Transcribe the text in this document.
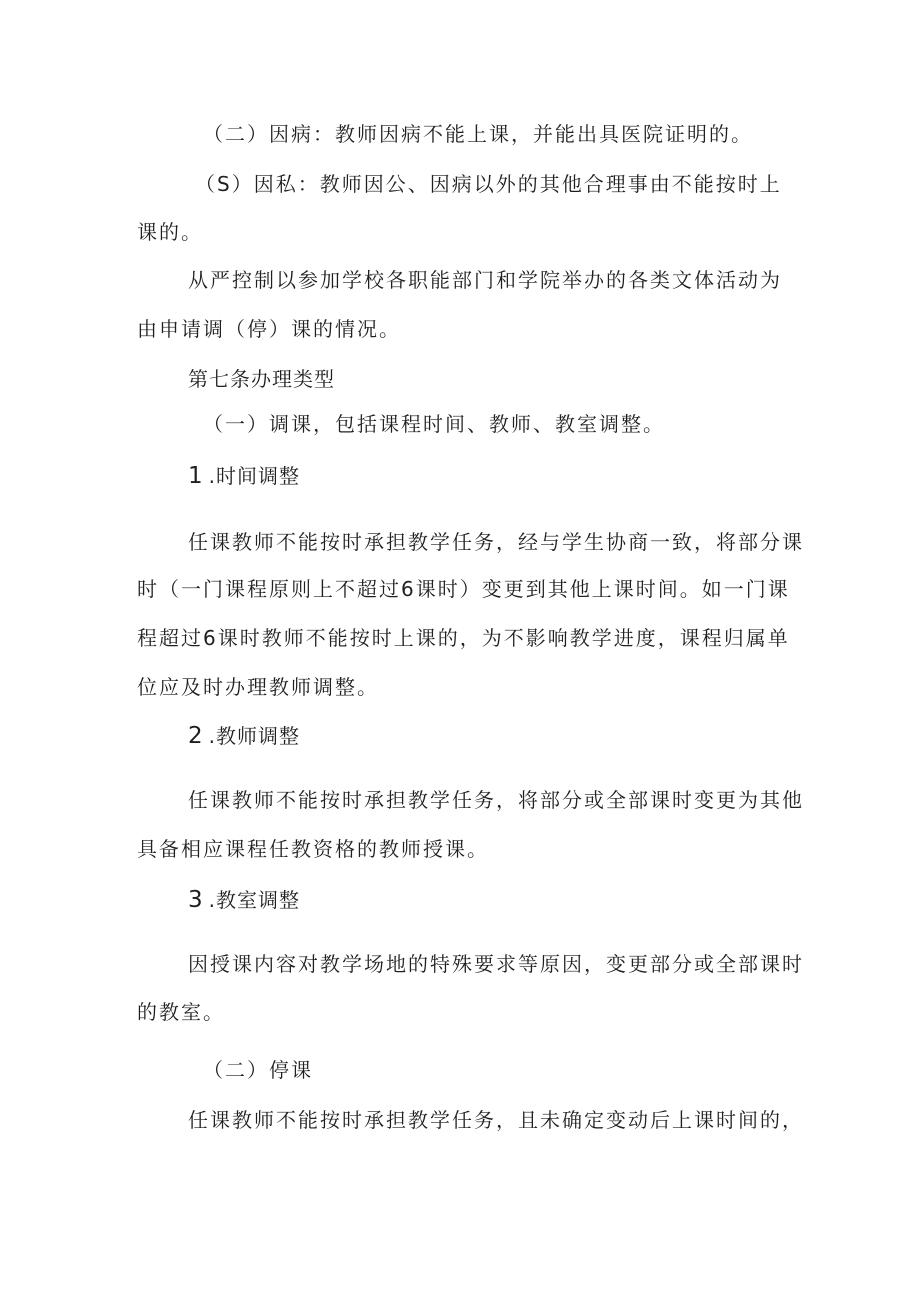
（二）因病：教师因病不能上课，并能出具医院证明的。
（S）因私：教师因公、因病以外的其他合理事由不能按时上
课的。
从严控制以参加学校各职能部门和学院举办的各类文体活动为
由申请调（停）课的情况。
第七条办理类型
（一）调课，包括课程时间、教师、教室调整。
1 .时间调整
任课教师不能按时承担教学任务，经与学生协商一致，将部分课
时（一门课程原则上不超过6课时）变更到其他上课时间。如一门课
程超过6课时教师不能按时上课的，为不影响教学进度，课程归属单
位应及时办理教师调整。
2 .教师调整
任课教师不能按时承担教学任务，将部分或全部课时变更为其他
具备相应课程任教资格的教师授课。
3 .教室调整
因授课内容对教学场地的特殊要求等原因，变更部分或全部课时
的教室。
（二）停课
任课教师不能按时承担教学任务，且未确定变动后上课时间的，
